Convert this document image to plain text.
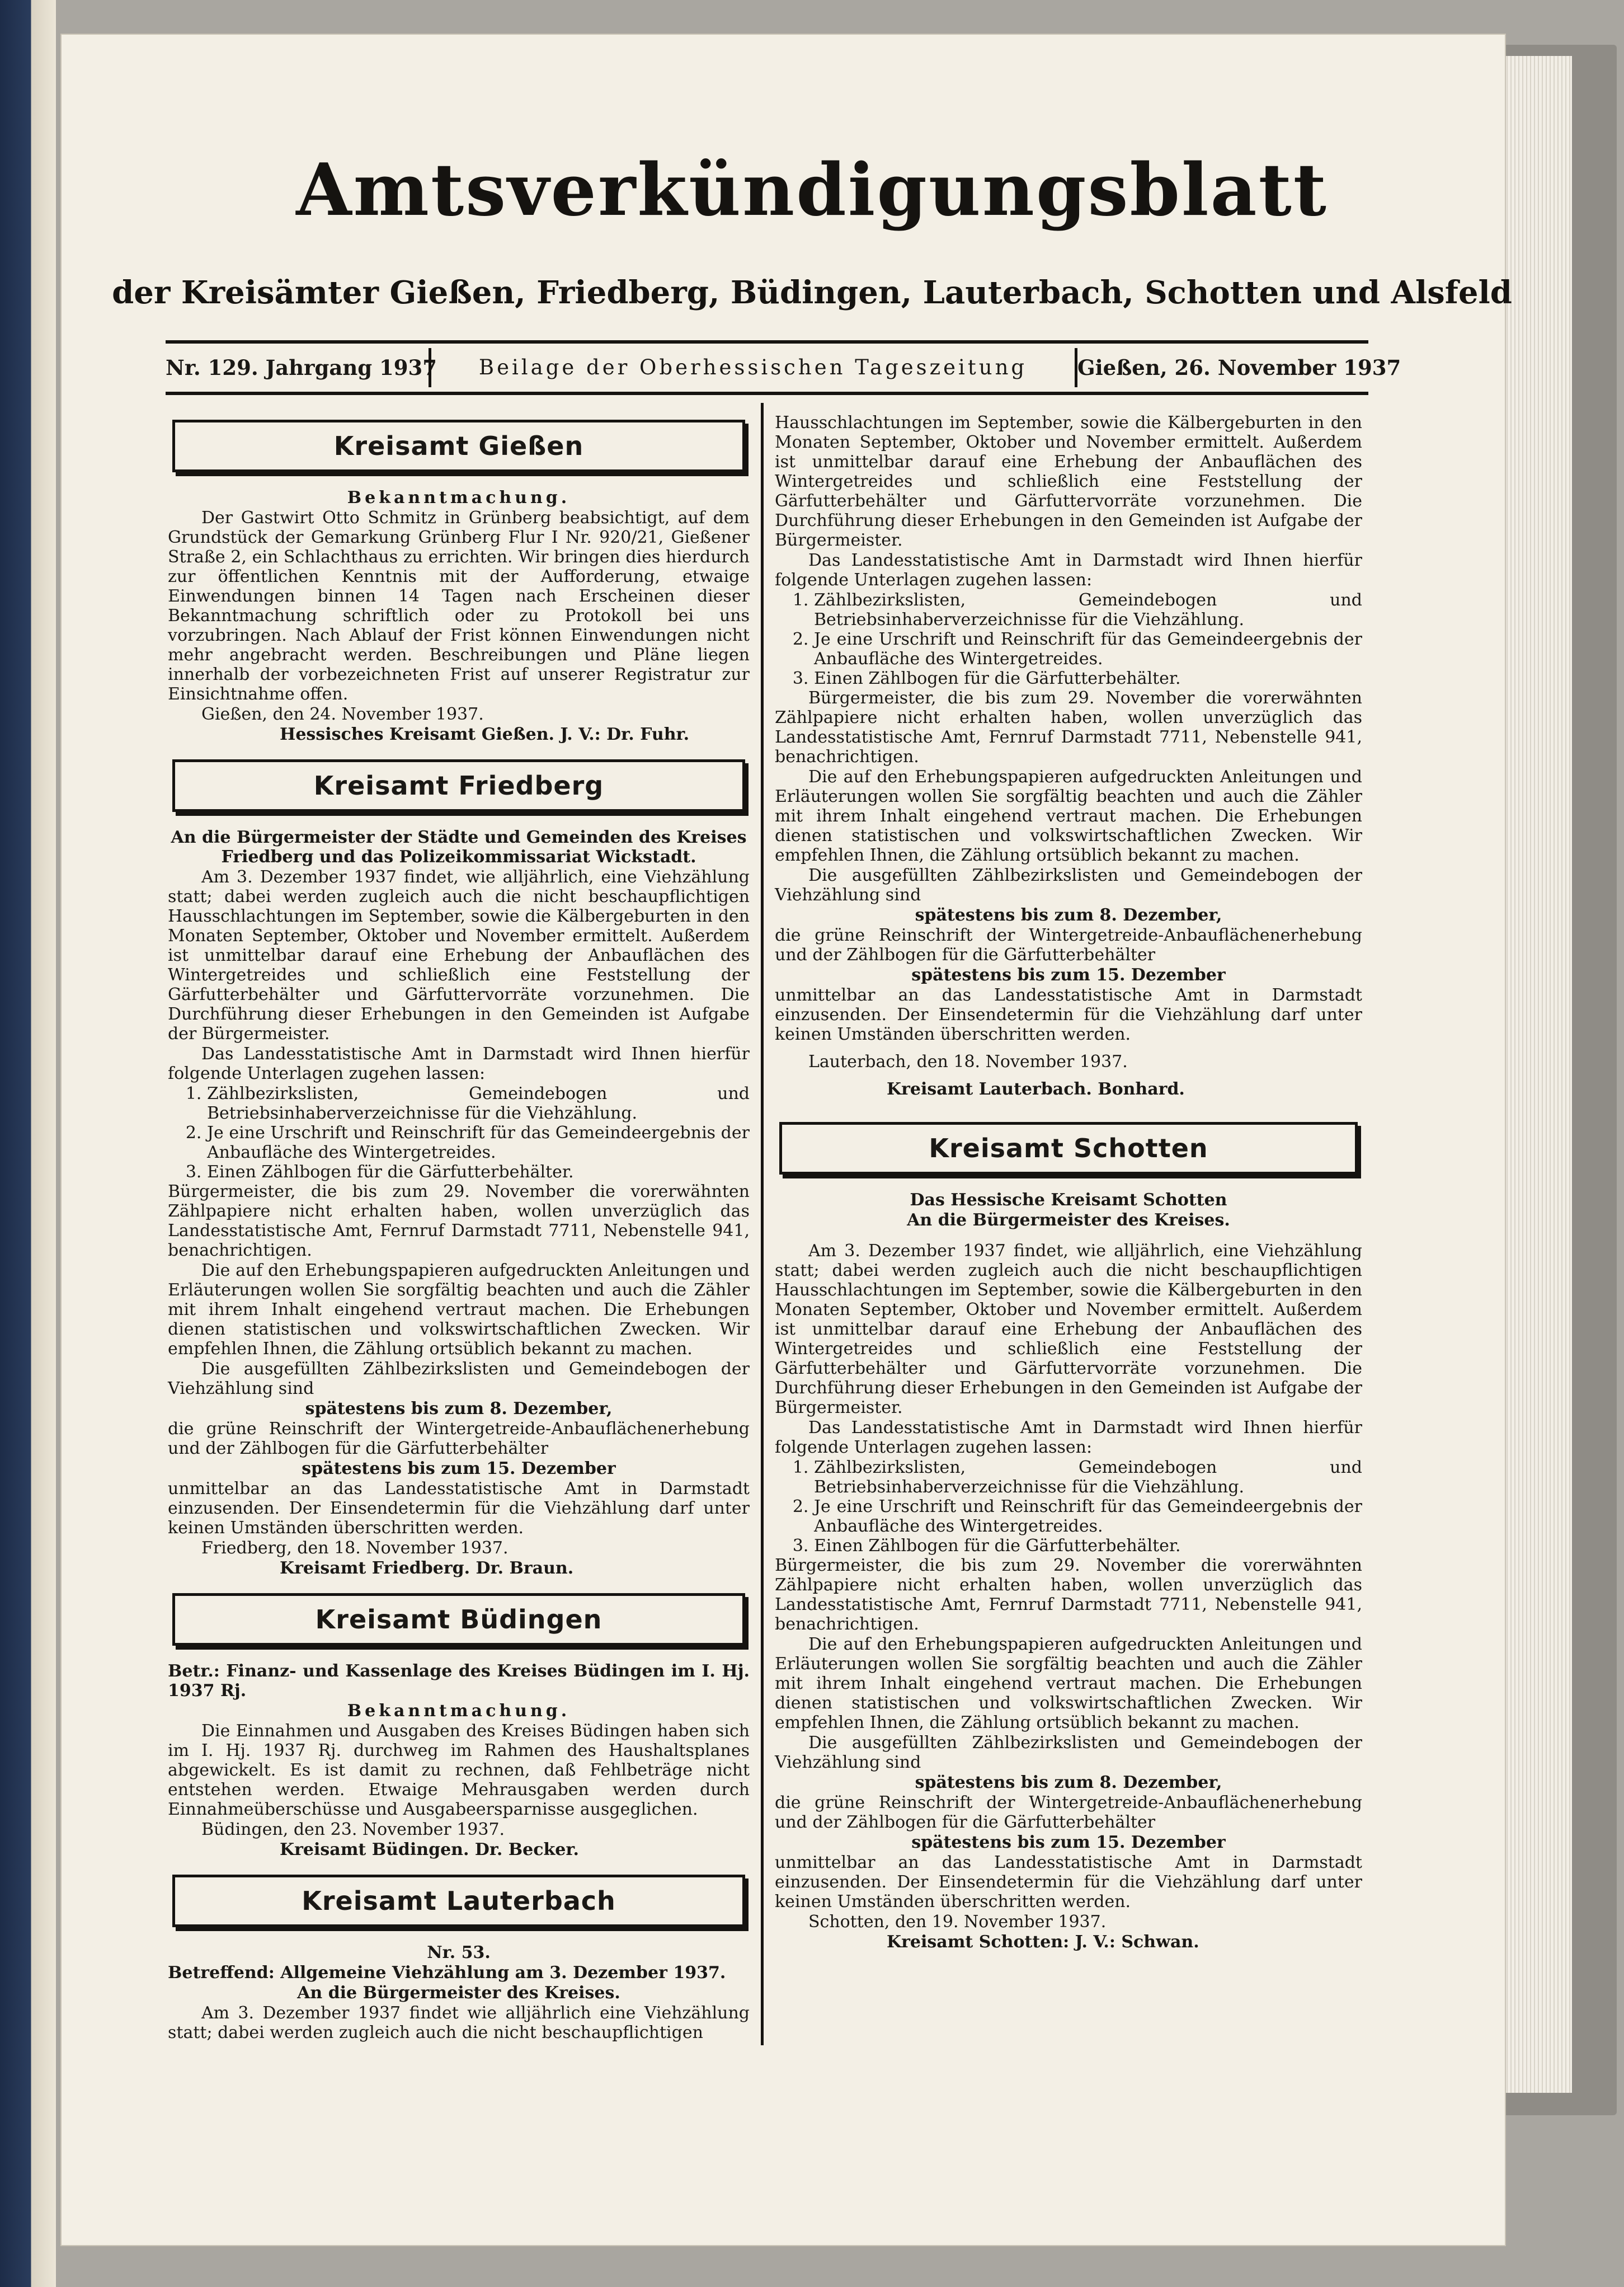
Amtsverkündigungsblatt
der Kreisämter Gießen, Friedberg, Büdingen, Lauterbach, Schotten und Alsfeld
Nr. 129. Jahrgang 1937	Beilage der Oberhessischen Tageszeitung	Gießen, 26. November 1937
Kreisamt Gießen

Bekanntmachung.

Der Gastwirt Otto Schmitz in Grünberg beabsichtigt, auf dem Grundstück der Gemarkung Grünberg Flur I Nr. 920/21, Gießener Straße 2, ein Schlachthaus zu errichten. Wir bringen dies hierdurch zur öffentlichen Kenntnis mit der Aufforderung, etwaige Einwendungen binnen 14 Tagen nach Erscheinen dieser Bekanntmachung schriftlich oder zu Protokoll bei uns vorzubringen. Nach Ablauf der Frist können Einwendungen nicht mehr angebracht werden. Beschreibungen und Pläne liegen innerhalb der vorbezeichneten Frist auf unserer Registratur zur Einsichtnahme offen.

Gießen, den 24. November 1937.

Hessisches Kreisamt Gießen. J. V.: Dr. Fuhr.

Kreisamt Friedberg

An die Bürgermeister der Städte und Gemeinden des Kreises Friedberg und das Polizeikommissariat Wickstadt.

Am 3. Dezember 1937 findet, wie alljährlich, eine Viehzählung statt; dabei werden zugleich auch die nicht beschaupflichtigen Hausschlachtungen im September, sowie die Kälbergeburten in den Monaten September, Oktober und November ermittelt. Außerdem ist unmittelbar darauf eine Erhebung der Anbauflächen des Wintergetreides und schließlich eine Feststellung der Gärfutterbehälter und Gärfuttervorräte vorzunehmen. Die Durchführung dieser Erhebungen in den Gemeinden ist Aufgabe der Bürgermeister.

Das Landesstatistische Amt in Darmstadt wird Ihnen hierfür folgende Unterlagen zugehen lassen:

1. Zählbezirkslisten, Gemeindebogen und Betriebsinhaberverzeichnisse für die Viehzählung.
2. Je eine Urschrift und Reinschrift für das Gemeindeergebnis der Anbaufläche des Wintergetreides.
3. Einen Zählbogen für die Gärfutterbehälter.

Bürgermeister, die bis zum 29. November die vorerwähnten Zählpapiere nicht erhalten haben, wollen unverzüglich das Landesstatistische Amt, Fernruf Darmstadt 7711, Nebenstelle 941, benachrichtigen.

Die auf den Erhebungspapieren aufgedruckten Anleitungen und Erläuterungen wollen Sie sorgfältig beachten und auch die Zähler mit ihrem Inhalt eingehend vertraut machen. Die Erhebungen dienen statistischen und volkswirtschaftlichen Zwecken. Wir empfehlen Ihnen, die Zählung ortsüblich bekannt zu machen.

Die ausgefüllten Zählbezirkslisten und Gemeindebogen der Viehzählung sind

spätestens bis zum 8. Dezember,

die grüne Reinschrift der Wintergetreide-Anbauflächenerhebung und der Zählbogen für die Gärfutterbehälter

spätestens bis zum 15. Dezember

unmittelbar an das Landesstatistische Amt in Darmstadt einzusenden. Der Einsendetermin für die Viehzählung darf unter keinen Umständen überschritten werden.

Friedberg, den 18. November 1937.

Kreisamt Friedberg. Dr. Braun.

Kreisamt Büdingen

Betr.: Finanz- und Kassenlage des Kreises Büdingen im I. Hj. 1937 Rj.

Bekanntmachung.

Die Einnahmen und Ausgaben des Kreises Büdingen haben sich im I. Hj. 1937 Rj. durchweg im Rahmen des Haushaltsplanes abgewickelt. Es ist damit zu rechnen, daß Fehlbeträge nicht entstehen werden. Etwaige Mehrausgaben werden durch Einnahmeüberschüsse und Ausgabeersparnisse ausgeglichen.

Büdingen, den 23. November 1937.

Kreisamt Büdingen. Dr. Becker.

Kreisamt Lauterbach

Nr. 53.

Betreffend: Allgemeine Viehzählung am 3. Dezember 1937.

An die Bürgermeister des Kreises.

Am 3. Dezember 1937 findet wie alljährlich eine Viehzählung statt; dabei werden zugleich auch die nicht beschaupflichtigen

Hausschlachtungen im September, sowie die Kälbergeburten in den Monaten September, Oktober und November ermittelt. Außerdem ist unmittelbar darauf eine Erhebung der Anbauflächen des Wintergetreides und schließlich eine Feststellung der Gärfutterbehälter und Gärfuttervorräte vorzunehmen. Die Durchführung dieser Erhebungen in den Gemeinden ist Aufgabe der Bürgermeister.

Das Landesstatistische Amt in Darmstadt wird Ihnen hierfür folgende Unterlagen zugehen lassen:

1. Zählbezirkslisten, Gemeindebogen und Betriebsinhaberverzeichnisse für die Viehzählung.
2. Je eine Urschrift und Reinschrift für das Gemeindeergebnis der Anbaufläche des Wintergetreides.
3. Einen Zählbogen für die Gärfutterbehälter.

Bürgermeister, die bis zum 29. November die vorerwähnten Zählpapiere nicht erhalten haben, wollen unverzüglich das Landesstatistische Amt, Fernruf Darmstadt 7711, Nebenstelle 941, benachrichtigen.

Die auf den Erhebungspapieren aufgedruckten Anleitungen und Erläuterungen wollen Sie sorgfältig beachten und auch die Zähler mit ihrem Inhalt eingehend vertraut machen. Die Erhebungen dienen statistischen und volkswirtschaftlichen Zwecken. Wir empfehlen Ihnen, die Zählung ortsüblich bekannt zu machen.

Die ausgefüllten Zählbezirkslisten und Gemeindebogen der Viehzählung sind

spätestens bis zum 8. Dezember,

die grüne Reinschrift der Wintergetreide-Anbauflächenerhebung und der Zählbogen für die Gärfutterbehälter

spätestens bis zum 15. Dezember

unmittelbar an das Landesstatistische Amt in Darmstadt einzusenden. Der Einsendetermin für die Viehzählung darf unter keinen Umständen überschritten werden.

Lauterbach, den 18. November 1937.

Kreisamt Lauterbach. Bonhard.

Kreisamt Schotten

Das Hessische Kreisamt Schotten

An die Bürgermeister des Kreises.

Am 3. Dezember 1937 findet, wie alljährlich, eine Viehzählung statt; dabei werden zugleich auch die nicht beschaupflichtigen Hausschlachtungen im September, sowie die Kälbergeburten in den Monaten September, Oktober und November ermittelt. Außerdem ist unmittelbar darauf eine Erhebung der Anbauflächen des Wintergetreides und schließlich eine Feststellung der Gärfutterbehälter und Gärfuttervorräte vorzunehmen. Die Durchführung dieser Erhebungen in den Gemeinden ist Aufgabe der Bürgermeister.

Das Landesstatistische Amt in Darmstadt wird Ihnen hierfür folgende Unterlagen zugehen lassen:

1. Zählbezirkslisten, Gemeindebogen und Betriebsinhaberverzeichnisse für die Viehzählung.
2. Je eine Urschrift und Reinschrift für das Gemeindeergebnis der Anbaufläche des Wintergetreides.
3. Einen Zählbogen für die Gärfutterbehälter.

Bürgermeister, die bis zum 29. November die vorerwähnten Zählpapiere nicht erhalten haben, wollen unverzüglich das Landesstatistische Amt, Fernruf Darmstadt 7711, Nebenstelle 941, benachrichtigen.

Die auf den Erhebungspapieren aufgedruckten Anleitungen und Erläuterungen wollen Sie sorgfältig beachten und auch die Zähler mit ihrem Inhalt eingehend vertraut machen. Die Erhebungen dienen statistischen und volkswirtschaftlichen Zwecken. Wir empfehlen Ihnen, die Zählung ortsüblich bekannt zu machen.

Die ausgefüllten Zählbezirkslisten und Gemeindebogen der Viehzählung sind

spätestens bis zum 8. Dezember,

die grüne Reinschrift der Wintergetreide-Anbauflächenerhebung und der Zählbogen für die Gärfutterbehälter

spätestens bis zum 15. Dezember

unmittelbar an das Landesstatistische Amt in Darmstadt einzusenden. Der Einsendetermin für die Viehzählung darf unter keinen Umständen überschritten werden.

Schotten, den 19. November 1937.

Kreisamt Schotten: J. V.: Schwan.
